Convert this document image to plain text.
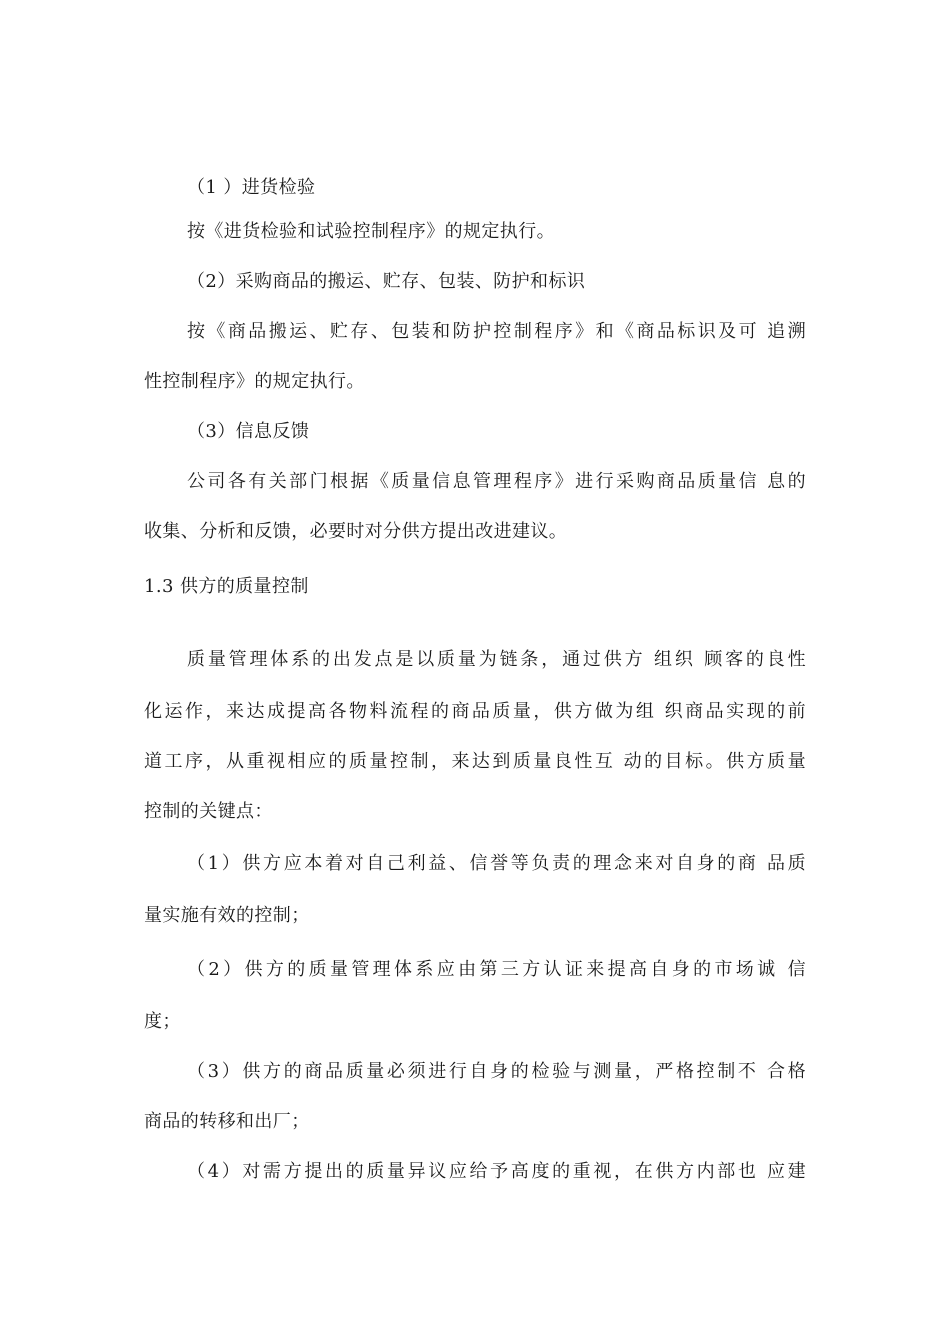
（1 ）进货检验
按《进货检验和试验控制程序》的规定执行。
（2）采购商品的搬运、贮存、包装、防护和标识
按《商品搬运、贮存、包装和防护控制程序》和《商品标识及可 追溯
性控制程序》的规定执行。
（3）信息反馈
公司各有关部门根据《质量信息管理程序》进行采购商品质量信 息的
收集、分析和反馈，必要时对分供方提出改进建议。
1.3 供方的质量控制
质量管理体系的出发点是以质量为链条，通过供方 组织 顾客的良性
化运作，来达成提高各物料流程的商品质量，供方做为组 织商品实现的前
道工序，从重视相应的质量控制，来达到质量良性互 动的目标。供方质量
控制的关键点：
（1）供方应本着对自己利益、信誉等负责的理念来对自身的商 品质
量实施有效的控制；
（2）供方的质量管理体系应由第三方认证来提高自身的市场诚 信
度；
（3）供方的商品质量必须进行自身的检验与测量，严格控制不 合格
商品的转移和出厂；
（4）对需方提出的质量异议应给予高度的重视，在供方内部也 应建
